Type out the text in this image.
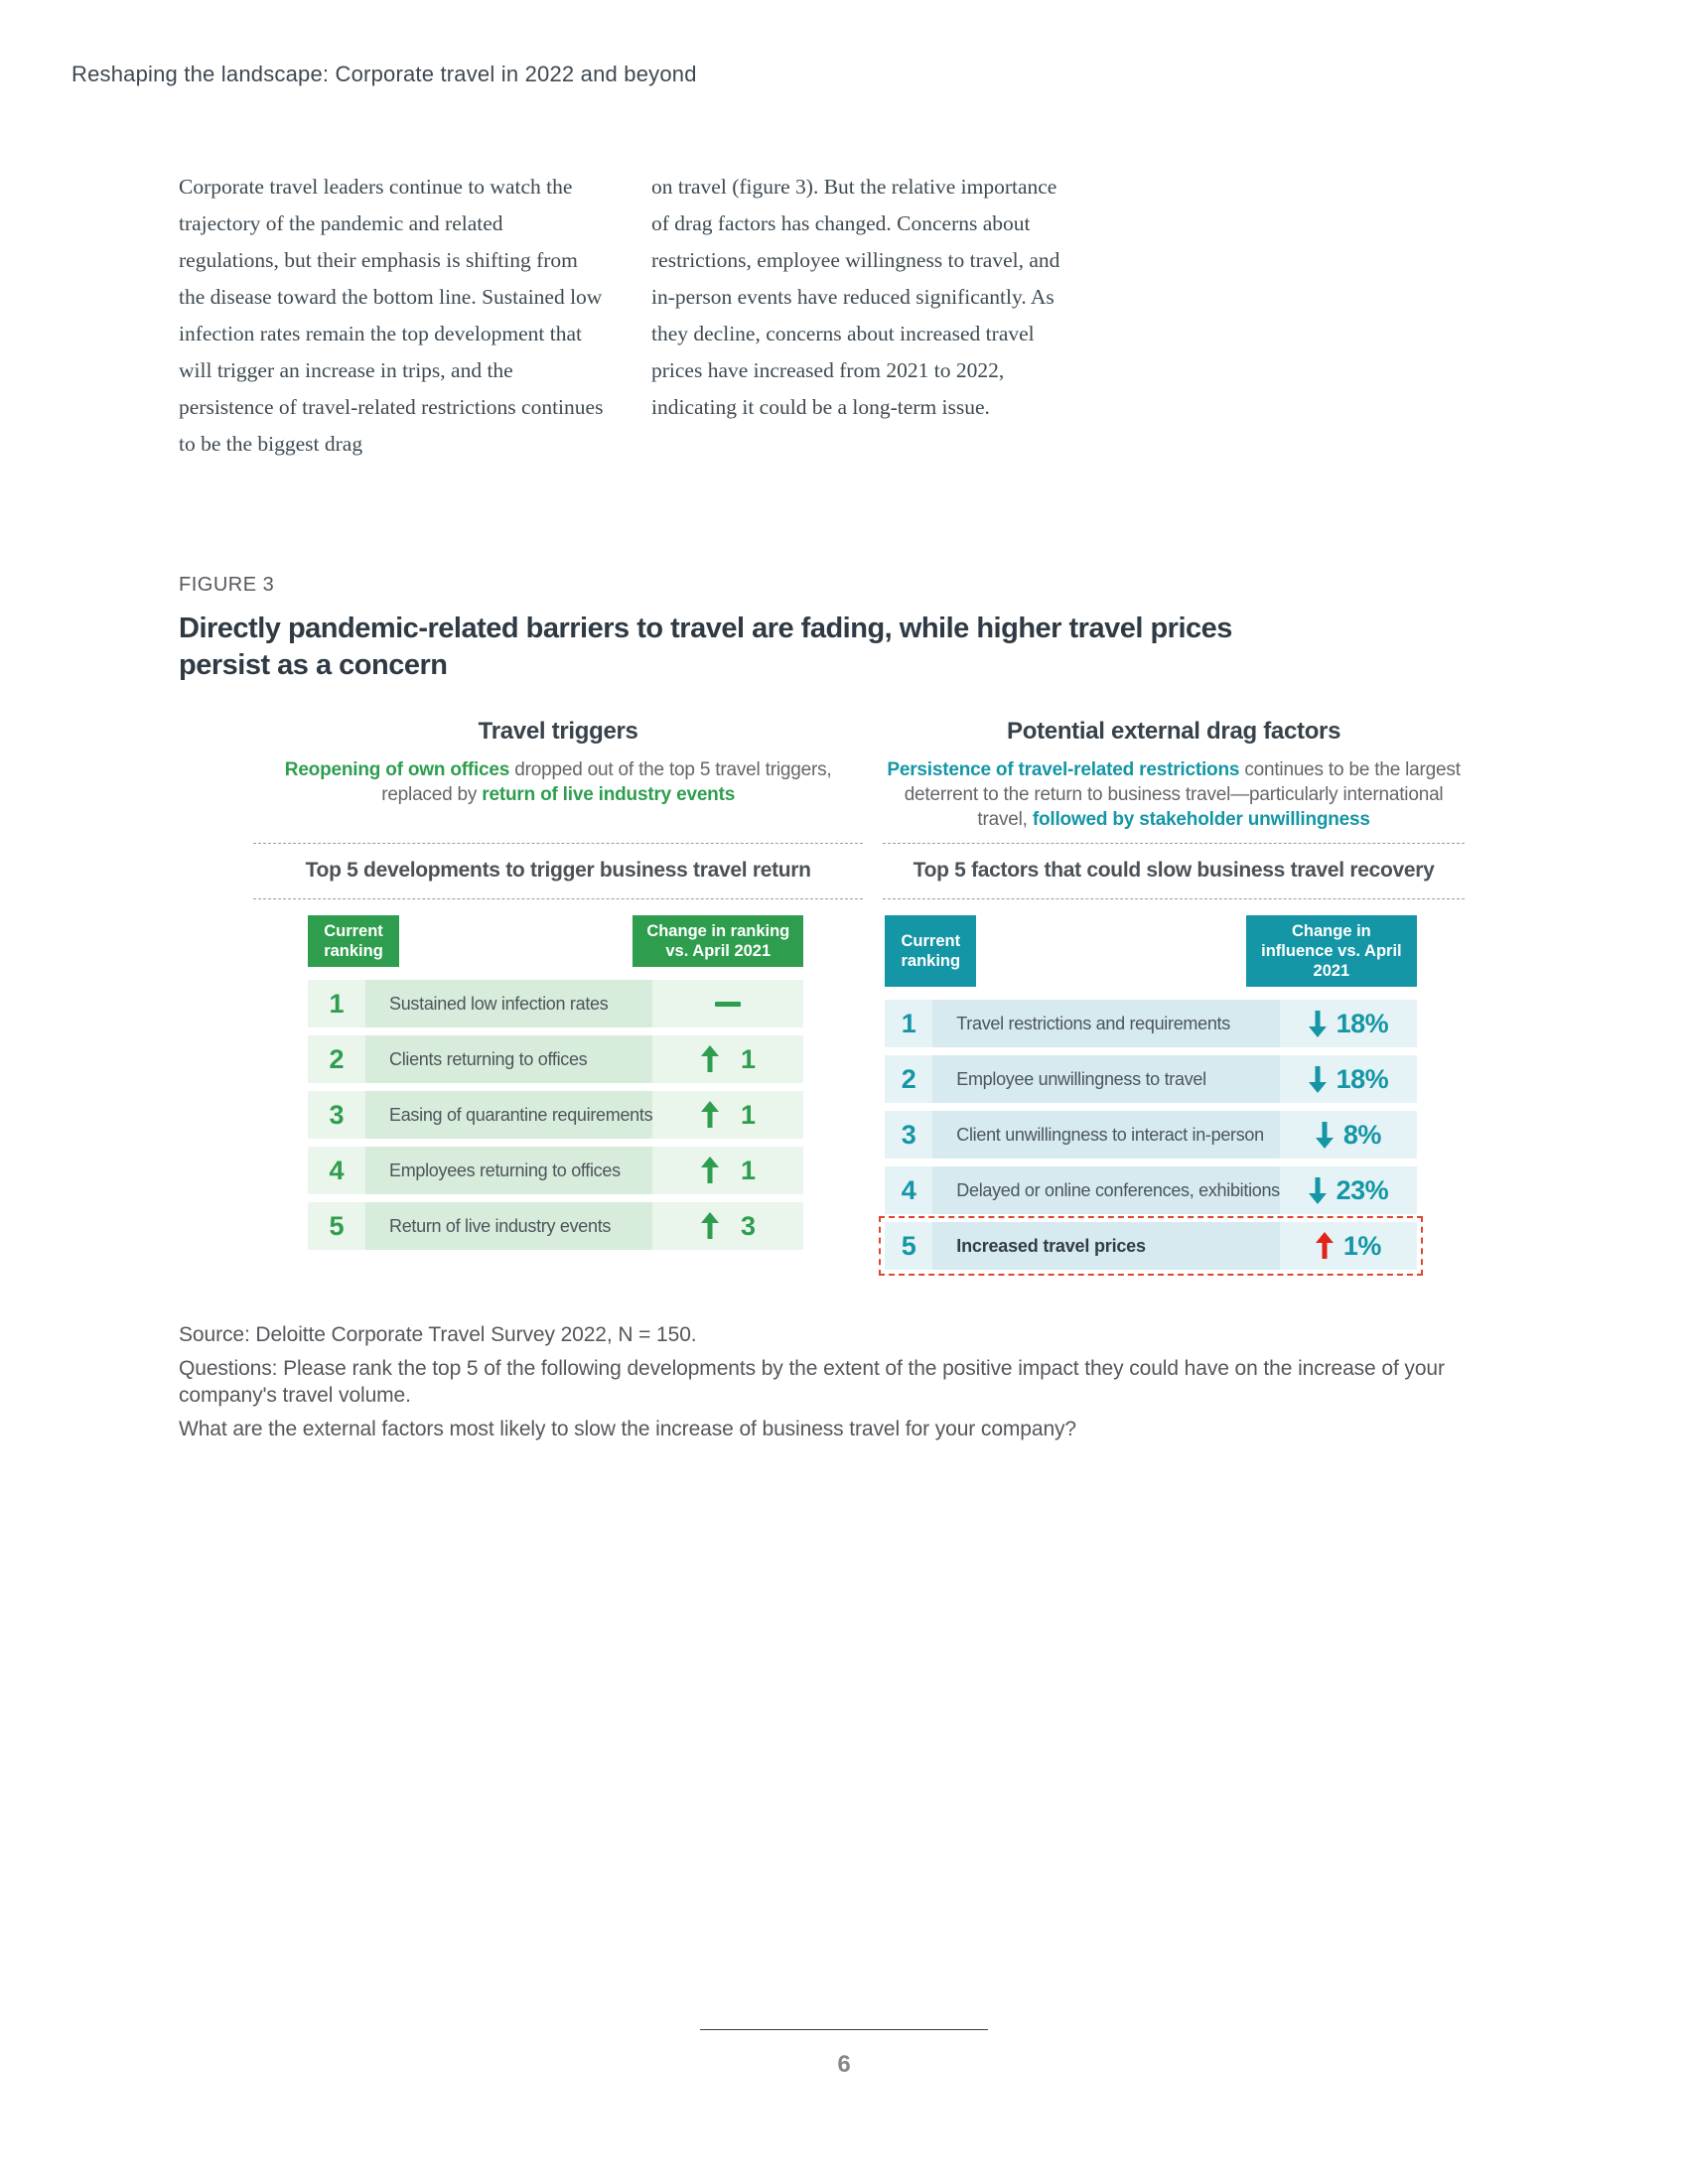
Reshaping the landscape: Corporate travel in 2022 and beyond

Corporate travel leaders continue to watch the trajectory of the pandemic and related regulations, but their emphasis is shifting from the disease toward the bottom line. Sustained low infection rates remain the top development that will trigger an increase in trips, and the persistence of travel-related restrictions continues to be the biggest drag

on travel (figure 3). But the relative importance of drag factors has changed. Concerns about restrictions, employee willingness to travel, and in-person events have reduced significantly. As they decline, concerns about increased travel prices have increased from 2021 to 2022, indicating it could be a long-term issue.

FIGURE 3
Directly pandemic-related barriers to travel are fading, while higher travel prices persist as a concern
Travel triggers

Reopening of own offices dropped out of the top 5 travel triggers, replaced by return of live industry events

Top 5 developments to trigger business travel return
Current ranking
Change in ranking vs. April 2021
1	Sustained low infection rates
2	Clients returning to offices	1
3	Easing of quarantine requirements	1
4	Employees returning to offices	1
5	Return of live industry events	3
Potential external drag factors

Persistence of travel-related restrictions continues to be the largest deterrent to the return to business travel—particularly international travel, followed by stakeholder unwillingness

Top 5 factors that could slow business travel recovery
Current ranking
Change in influence vs. April 2021
1	Travel restrictions and requirements	18%
2	Employee unwillingness to travel	18%
3	Client unwillingness to interact in-person	8%
4	Delayed or online conferences, exhibitions 23%
5	Increased travel prices	1%

Source: Deloitte Corporate Travel Survey 2022, N = 150.

Questions: Please rank the top 5 of the following developments by the extent of the positive impact they could have on the increase of your company's travel volume.

What are the external factors most likely to slow the increase of business travel for your company?

6
